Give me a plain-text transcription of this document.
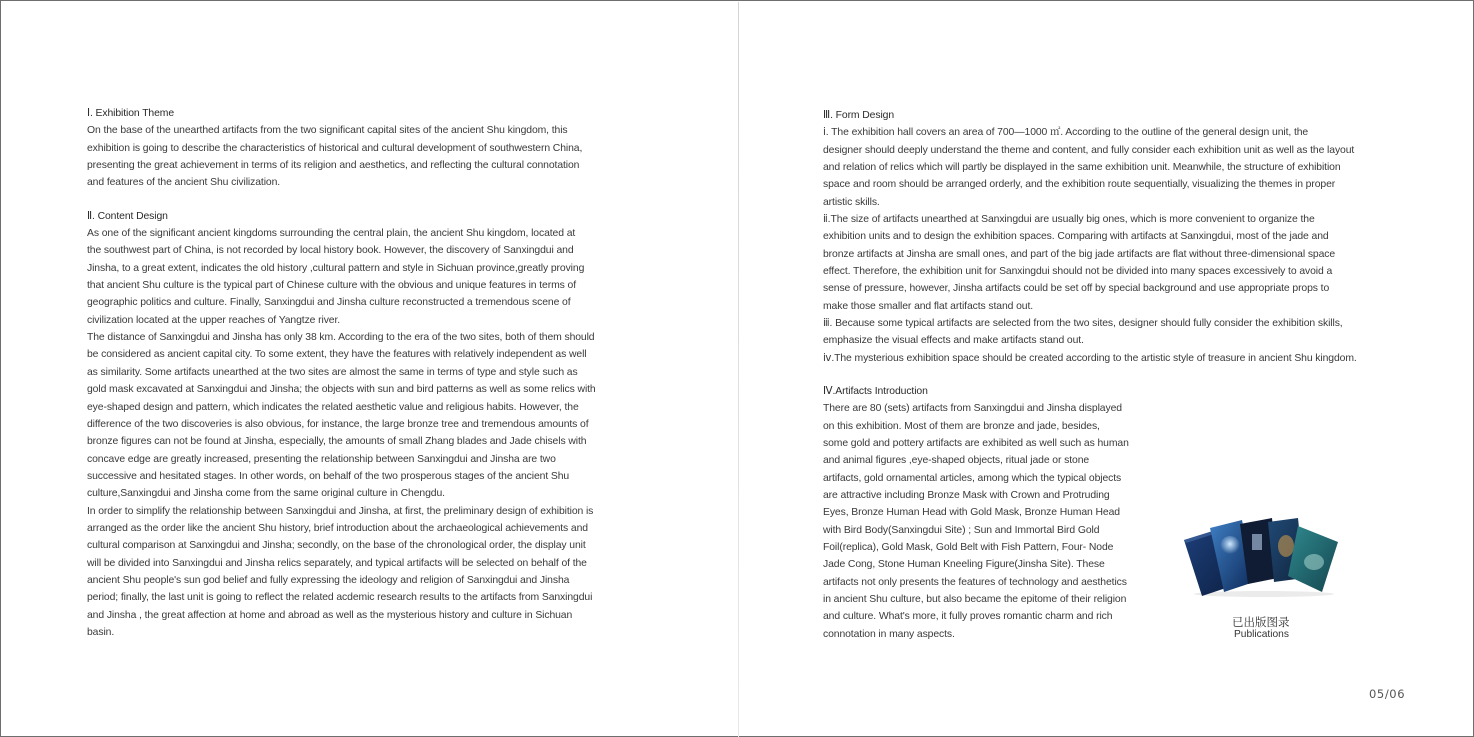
Ⅰ. Exhibition Theme

On the base of the unearthed artifacts from the two significant capital sites of the ancient Shu kingdom, this

exhibition is going to describe the characteristics of historical and cultural development of southwestern China,

presenting the great achievement in terms of its religion and aesthetics, and reflecting the cultural connotation

and features of the ancient Shu civilization.

Ⅱ. Content Design

As one of the significant ancient kingdoms surrounding the central plain, the ancient Shu kingdom, located at

the southwest part of China, is not recorded by local history book. However, the discovery of Sanxingdui and

Jinsha, to a great extent, indicates the old history ,cultural pattern and style in Sichuan province,greatly proving

that ancient Shu culture is the typical part of Chinese culture with the obvious and unique features in terms of

geographic politics and culture. Finally, Sanxingdui and Jinsha culture reconstructed a tremendous scene of

civilization located at the upper reaches of Yangtze river.

The distance of Sanxingdui and Jinsha has only 38 km. According to the era of the two sites, both of them should

be considered as ancient capital city. To some extent, they have the features with relatively independent as well

as similarity. Some artifacts unearthed at the two sites are almost the same in terms of type and style such as

gold mask excavated at Sanxingdui and Jinsha; the objects with sun and bird patterns as well as some relics with

eye-shaped design and pattern, which indicates the related aesthetic value and religious habits. However, the

difference of the two discoveries is also obvious, for instance, the large bronze tree and tremendous amounts of

bronze figures can not be found at Jinsha, especially, the amounts of small Zhang blades and Jade chisels with

concave edge are greatly increased, presenting the relationship between Sanxingdui and Jinsha are two

successive and hesitated stages. In other words, on behalf of the two prosperous stages of the ancient Shu

culture,Sanxingdui and Jinsha come from the same original culture in Chengdu.

In order to simplify the relationship between Sanxingdui and Jinsha, at first, the preliminary design of exhibition is

arranged as the order like the ancient Shu history, brief introduction about the archaeological achievements and

cultural comparison at Sanxingdui and Jinsha; secondly, on the base of the chronological order, the display unit

will be divided into Sanxingdui and Jinsha relics separately, and typical artifacts will be selected on behalf of the

ancient Shu people's sun god belief and fully expressing the ideology and religion of Sanxingdui and Jinsha

period; finally, the last unit is going to reflect the related acdemic research results to the artifacts from Sanxingdui

and Jinsha , the great affection at home and abroad as well as the mysterious history and culture in Sichuan

basin.

Ⅲ. Form Design

ⅰ. The exhibition hall covers an area of 700—1000 ㎡. According to the outline of the general design unit, the

designer should deeply understand the theme and content, and fully consider each exhibition unit as well as the layout

and relation of relics which will partly be displayed in the same exhibition unit. Meanwhile, the structure of exhibition

space and room should be arranged orderly, and the exhibition route sequentially, visualizing the themes in proper

artistic skills.

ⅱ.The size of artifacts unearthed at Sanxingdui are usually big ones, which is more convenient to organize the

exhibition units and to design the exhibition spaces. Comparing with artifacts at Sanxingdui, most of the jade and

bronze artifacts at Jinsha are small ones, and part of the big jade artifacts are flat without three-dimensional space

effect. Therefore, the exhibition unit for Sanxingdui should not be divided into many spaces excessively to avoid a

sense of pressure, however, Jinsha artifacts could be set off by special background and use appropriate props to

make those smaller and flat artifacts stand out.

ⅲ. Because some typical artifacts are selected from the two sites, designer should fully consider the exhibition skills,

emphasize the visual effects and make artifacts stand out.

ⅳ.The mysterious exhibition space should be created according to the artistic style of treasure in ancient Shu kingdom.

Ⅳ.Artifacts Introduction

There are 80 (sets) artifacts from Sanxingdui and Jinsha displayed

on this exhibition. Most of them are bronze and jade, besides,

some gold and pottery artifacts are exhibited as well such as human

and animal figures ,eye-shaped objects, ritual jade or stone

artifacts, gold ornamental articles, among which the typical objects

are attractive including Bronze Mask with Crown and Protruding

Eyes, Bronze Human Head with Gold Mask, Bronze Human Head

with Bird Body(Sanxingdui Site) ; Sun and Immortal Bird Gold

Foil(replica), Gold Mask, Gold Belt with Fish Pattern, Four- Node

Jade Cong, Stone Human Kneeling Figure(Jinsha Site). These

artifacts not only presents the features of technology and aesthetics

in ancient Shu culture, but also became the epitome of their religion

and culture. What's more, it fully proves romantic charm and rich

connotation in many aspects.

已出版图录
Publications
05/06
